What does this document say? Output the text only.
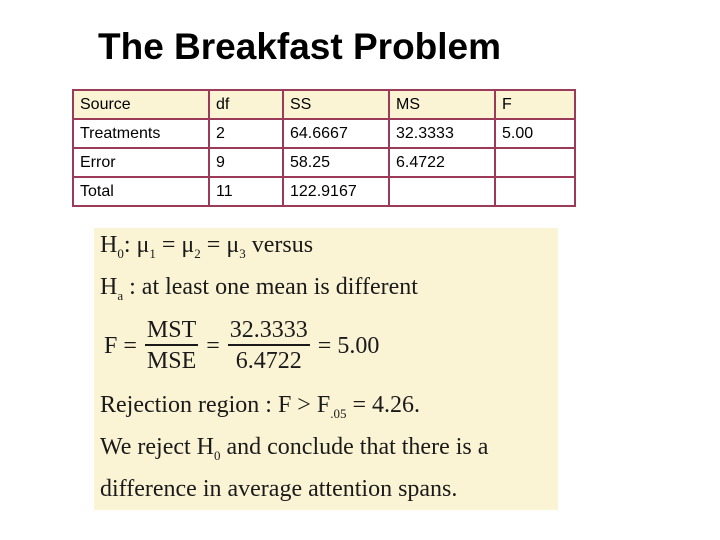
The Breakfast Problem
Source	df	SS	MS	F
Treatments	2	64.6667	32.3333	5.00
Error	9	58.25	6.4722	
Total	11	122.9167		
$H_0$: $\mu_1 = \mu_2 = \mu_3$ versus
$H_a$ : at least one mean is different
$F = \frac{\text{MST}}{\text{MSE}} = \frac{32.3333}{6.4722} = 5.00$
Rejection region : $F > F_{.05} = 4.26$.
We reject $H_0$ and conclude that there is a
difference in average attention spans.
